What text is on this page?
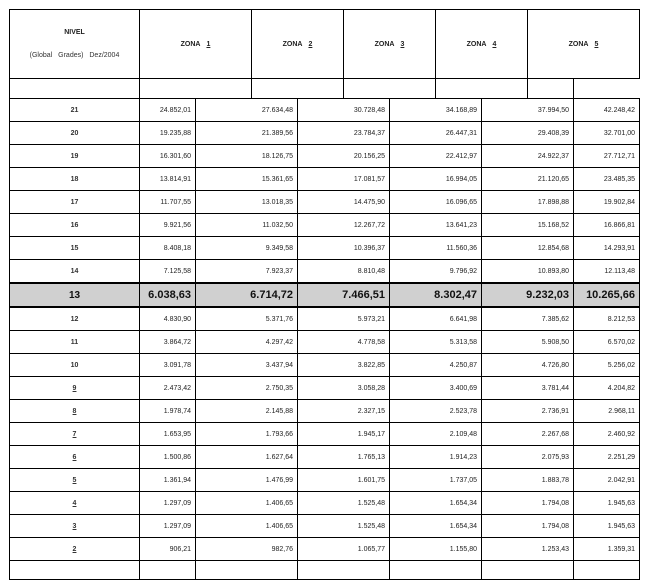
NIVEL
(Global Grades) Dez/2004	ZONA 1		ZONA 2		ZONA 3		ZONA 4		ZONA 5	

21	24.852,01	27.634,48		30.728,48		34.168,89		37.994,50		42.248,42
20	19.235,88	21.389,56		23.784,37		26.447,31		29.408,39		32.701,00
19	16.301,60	18.126,75		20.156,25		22.412,97		24.922,37		27.712,71
18	13.814,91	15.361,65		17.081,57		16.994,05		21.120,65		23.485,35
17	11.707,55	13.018,35		14.475,90		16.096,65		17.898,88		19.902,84
16	9.921,56	11.032,50		12.267,72		13.641,23		15.168,52		16.866,81
15	8.408,18	9.349,58		10.396,37		11.560,36		12.854,68		14.293,91
14	7.125,58	7.923,37		8.810,48		9.796,92		10.893,80		12.113,48
13	6.038,63	6.714,72		7.466,51		8.302,47		9.232,03		10.265,66
12	4.830,90	5.371,76		5.973,21		6.641,98		7.385,62		8.212,53
11	3.864,72	4.297,42		4.778,58		5.313,58		5.908,50		6.570,02
10	3.091,78	3.437,94		3.822,85		4.250,87		4.726,80		5.256,02
9	2.473,42	2.750,35		3.058,28		3.400,69		3.781,44		4.204,82
8	1.978,74	2.145,88		2.327,15		2.523,78		2.736,91		2.968,11
7	1.653,95	1.793,66		1.945,17		2.109,48		2.267,68		2.460,92
6	1.500,86	1.627,64		1.765,13		1.914,23		2.075,93		2.251,29
5	1.361,94	1.476,99		1.601,75		1.737,05		1.883,78		2.042,91
4	1.297,09	1.406,65		1.525,48		1.654,34		1.794,08		1.945,63
3	1.297,09	1.406,65		1.525,48		1.654,34		1.794,08		1.945,63
2	906,21	982,76		1.065,77		1.155,80		1.253,43		1.359,31
